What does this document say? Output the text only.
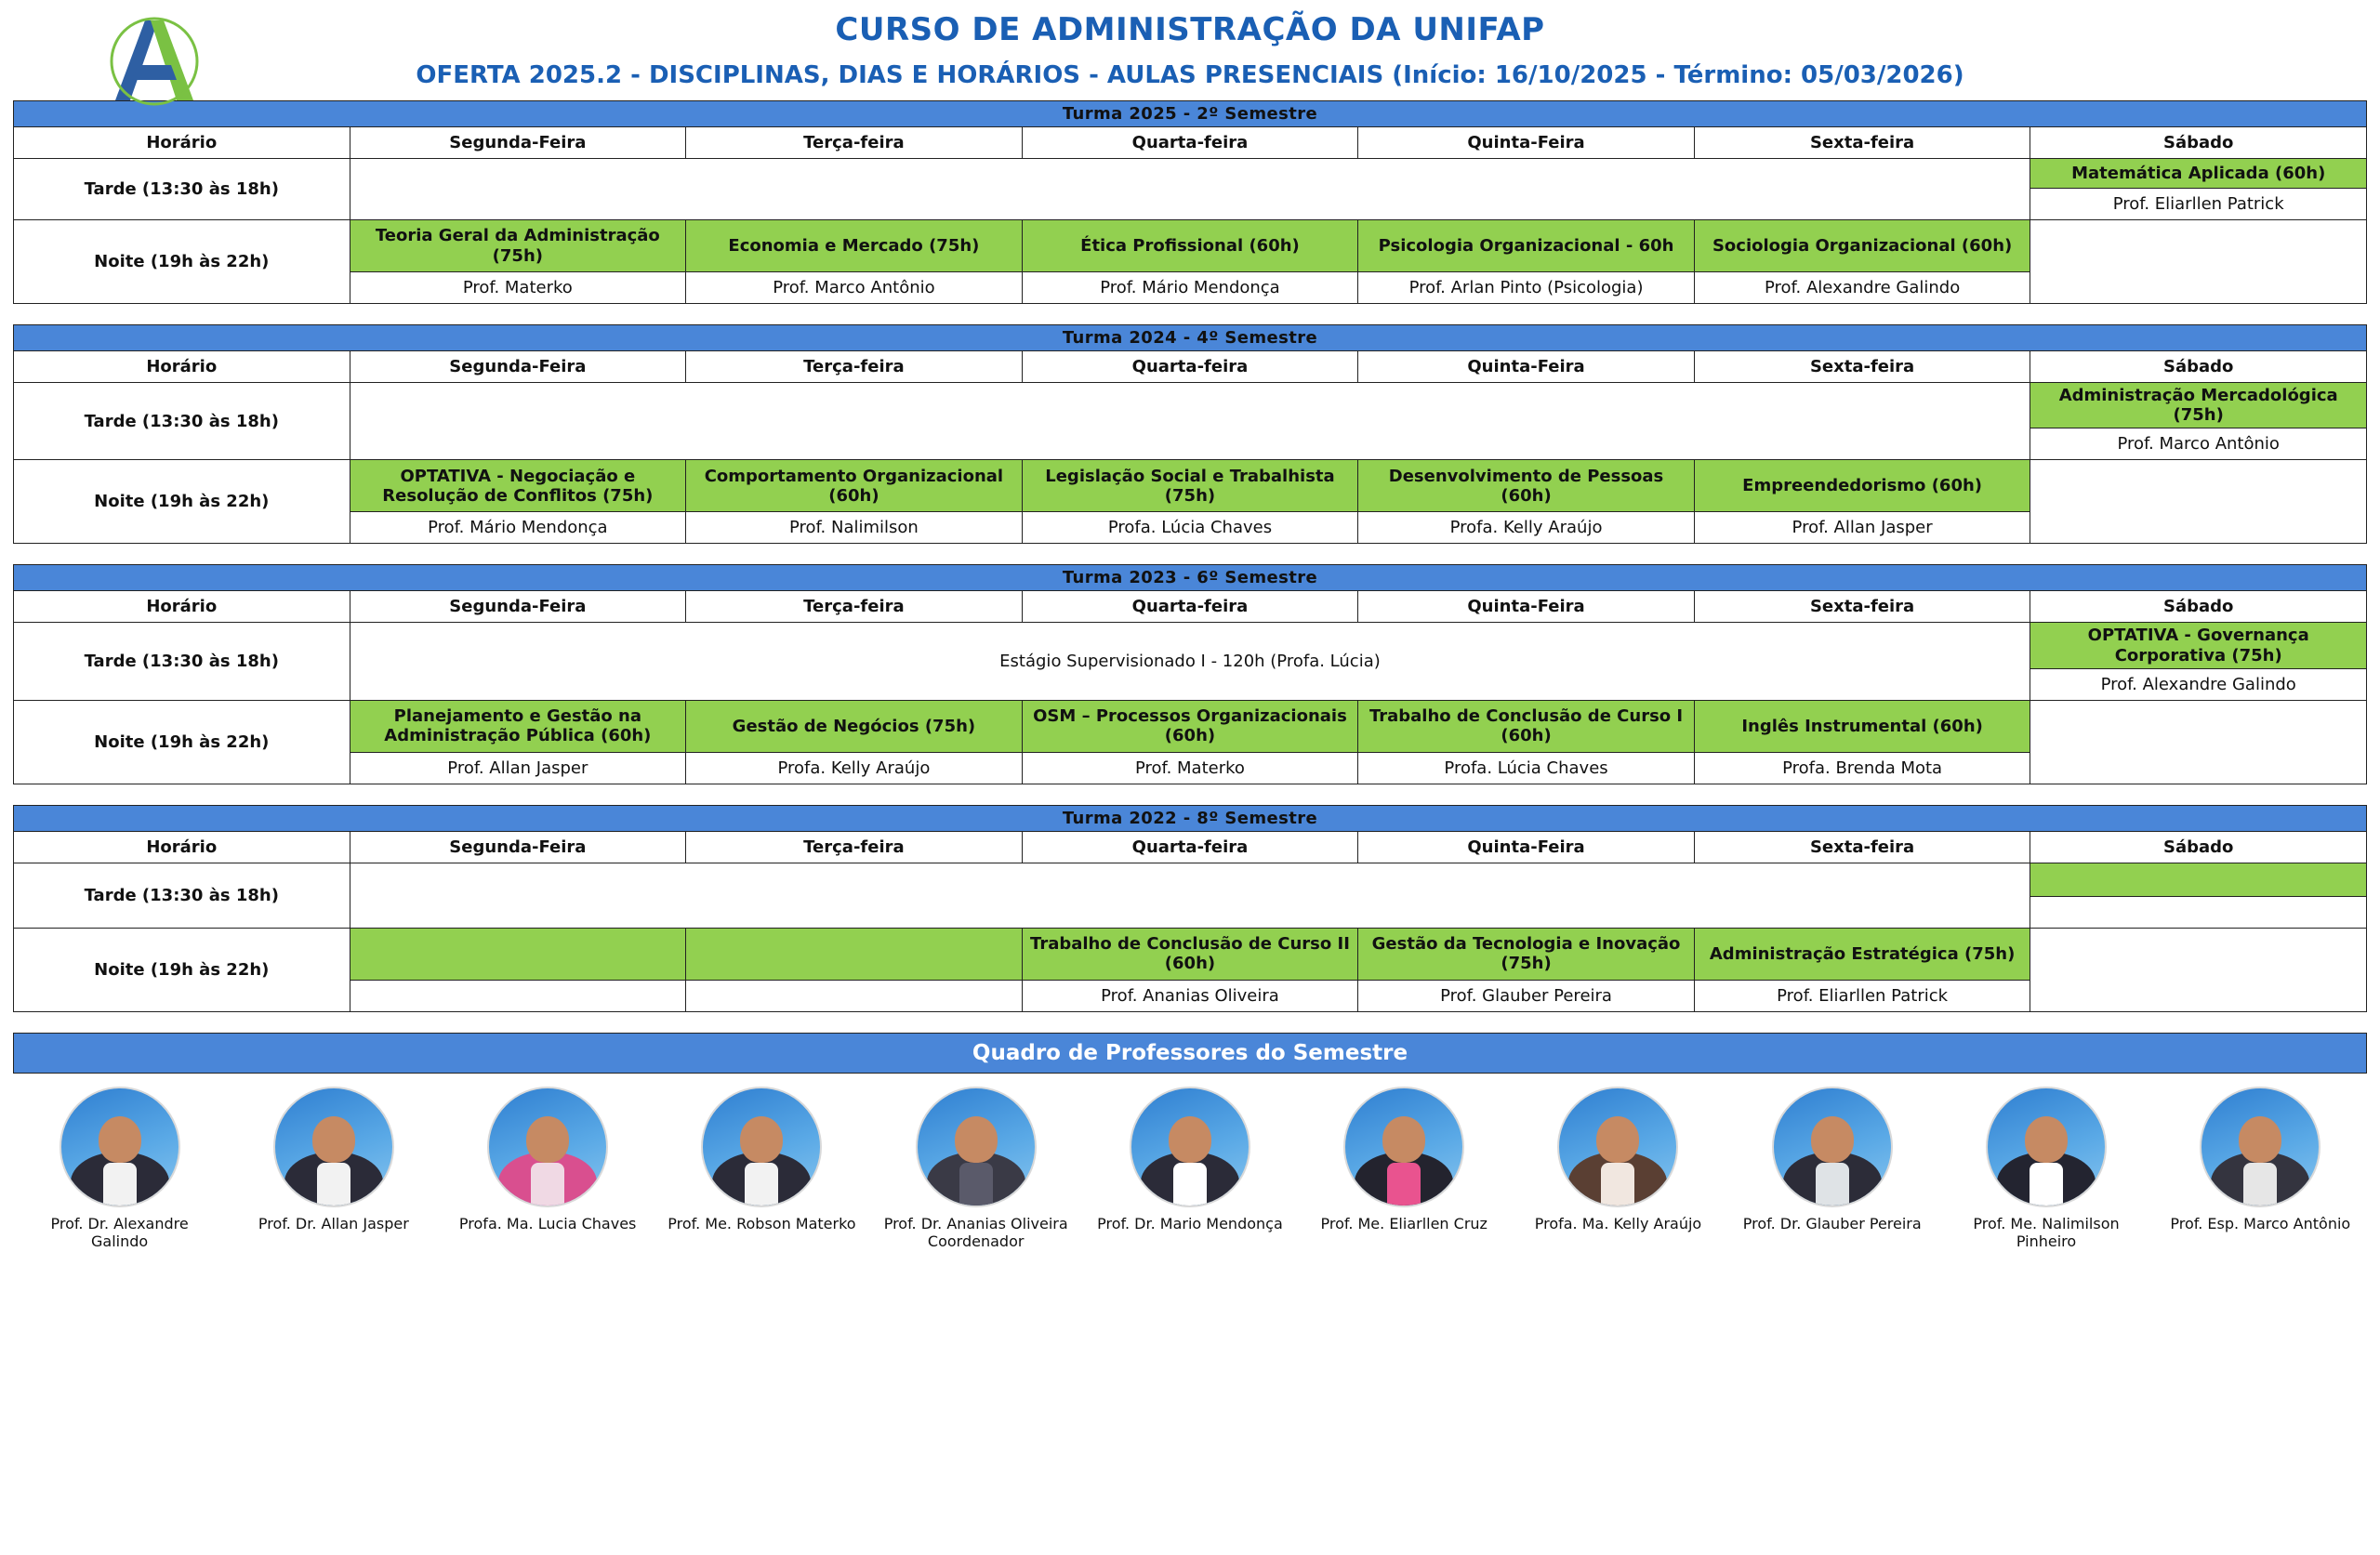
CURSO DE ADMINISTRAÇÃO DA UNIFAP
OFERTA 2025.2 - DISCIPLINAS, DIAS E HORÁRIOS - AULAS PRESENCIAIS (Início: 16/10/2025 - Término: 05/03/2026)
Turma 2025 - 2º Semestre						
Horário	Segunda-Feira	Terça-feira	Quarta-feira	Quinta-Feira	Sexta-feira	Sábado
Tarde (13:30 às 18h)						Matemática Aplicada (60h)
						Prof. Eliarllen Patrick
Noite (19h às 22h)	Teoria Geral da Administração (75h)	Economia e Mercado (75h)	Ética Profissional (60h)	Psicologia Organizacional - 60h	Sociologia Organizacional (60h)	
	Prof. Materko	Prof. Marco Antônio	Prof. Mário Mendonça	Prof. Arlan Pinto (Psicologia)	Prof. Alexandre Galindo	
Turma 2024 - 4º Semestre						
Horário	Segunda-Feira	Terça-feira	Quarta-feira	Quinta-Feira	Sexta-feira	Sábado
Tarde (13:30 às 18h)						Administração Mercadológica (75h)
						Prof. Marco Antônio
Noite (19h às 22h)	OPTATIVA - Negociação e Resolução de Conflitos (75h)	Comportamento Organizacional (60h)	Legislação Social e Trabalhista (75h)	Desenvolvimento de Pessoas (60h)	Empreendedorismo (60h)	
	Prof. Mário Mendonça	Prof. Nalimilson	Profa. Lúcia Chaves	Profa. Kelly Araújo	Prof. Allan Jasper	
Turma 2023 - 6º Semestre						
Horário	Segunda-Feira	Terça-feira	Quarta-feira	Quinta-Feira	Sexta-feira	Sábado
Tarde (13:30 às 18h)	Estágio Supervisionado I - 120h (Profa. Lúcia)					OPTATIVA - Governança Corporativa (75h)
						Prof. Alexandre Galindo
Noite (19h às 22h)	Planejamento e Gestão na Administração Pública (60h)	Gestão de Negócios (75h)	OSM – Processos Organizacionais (60h)	Trabalho de Conclusão de Curso I (60h)	Inglês Instrumental (60h)	
	Prof. Allan Jasper	Profa. Kelly Araújo	Prof. Materko	Profa. Lúcia Chaves	Profa. Brenda Mota	
Turma 2022 - 8º Semestre						
Horário	Segunda-Feira	Terça-feira	Quarta-feira	Quinta-Feira	Sexta-feira	Sábado
Tarde (13:30 às 18h)						

Noite (19h às 22h)			Trabalho de Conclusão de Curso II (60h)	Gestão da Tecnologia e Inovação (75h)	Administração Estratégica (75h)	
			Prof. Ananias Oliveira	Prof. Glauber Pereira	Prof. Eliarllen Patrick	
Quadro de Professores do Semestre
Prof. Dr. Alexandre Galindo
Prof. Dr. Allan Jasper	Profa. Ma. Lucia Chaves	Prof. Me. Robson Materko	Prof. Dr. Ananias Oliveira Coordenador
Prof. Dr. Mario Mendonça	Prof. Me. Eliarllen Cruz	Profa. Ma. Kelly Araújo	Prof. Dr. Glauber Pereira	Prof. Me. Nalimilson Pinheiro
Prof. Esp. Marco Antônio
